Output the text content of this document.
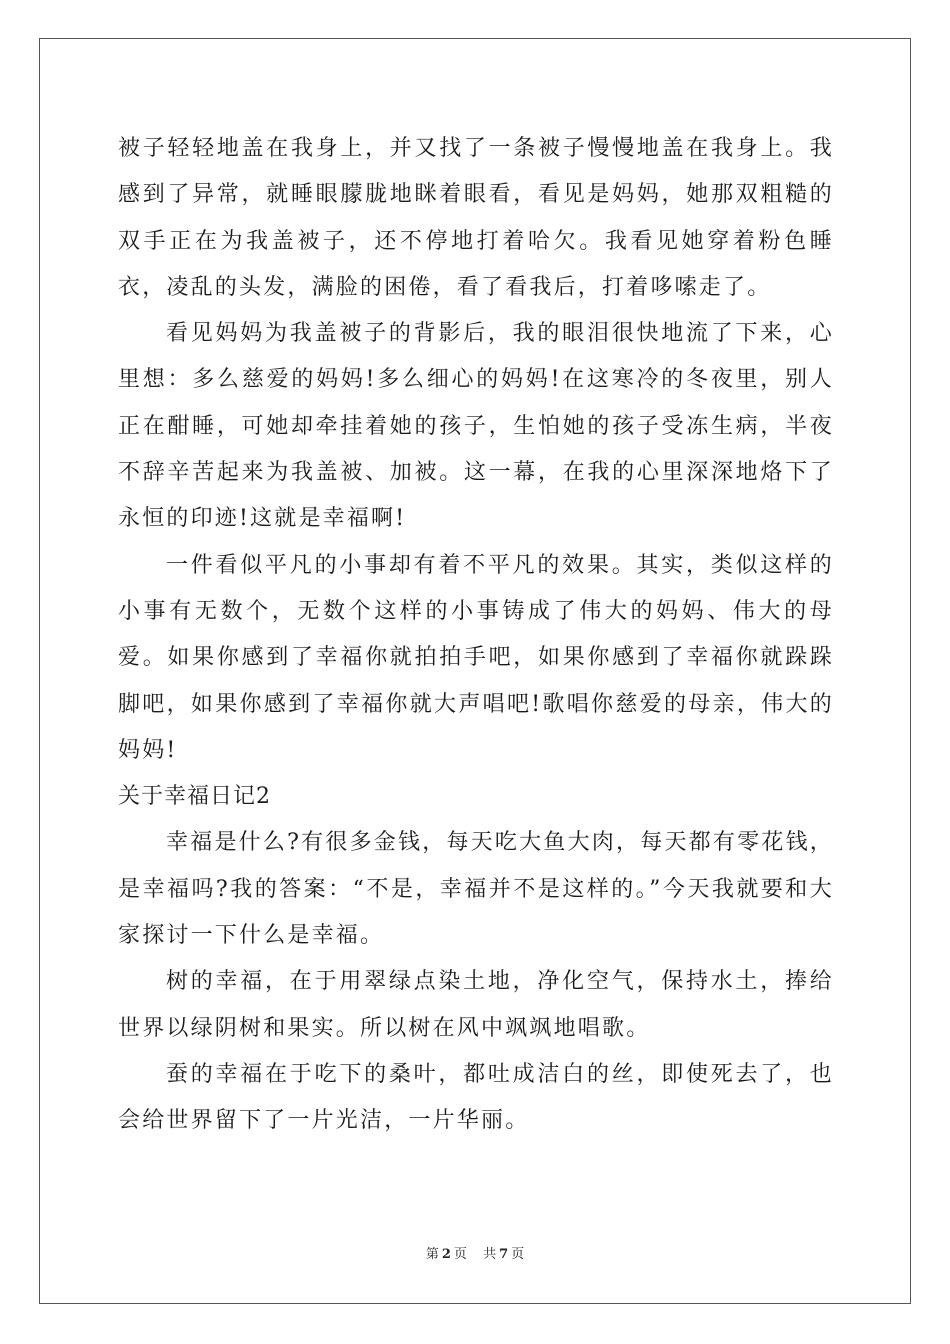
被子轻轻地盖在我身上，并又找了一条被子慢慢地盖在我身上。我感到了异常，就睡眼朦胧地眯着眼看，看见是妈妈，她那双粗糙的双手正在为我盖被子，还不停地打着哈欠。我看见她穿着粉色睡衣，凌乱的头发，满脸的困倦，看了看我后，打着哆嗦走了。

看见妈妈为我盖被子的背影后，我的眼泪很快地流了下来，心里想：多么慈爱的妈妈!多么细心的妈妈!在这寒冷的冬夜里，别人正在酣睡，可她却牵挂着她的孩子，生怕她的孩子受冻生病，半夜不辞辛苦起来为我盖被、加被。这一幕，在我的心里深深地烙下了永恒的印迹!这就是幸福啊!

一件看似平凡的小事却有着不平凡的效果。其实，类似这样的小事有无数个，无数个这样的小事铸成了伟大的妈妈、伟大的母爱。如果你感到了幸福你就拍拍手吧，如果你感到了幸福你就跺跺脚吧，如果你感到了幸福你就大声唱吧!歌唱你慈爱的母亲，伟大的妈妈!

关于幸福日记2

幸福是什么?有很多金钱，每天吃大鱼大肉，每天都有零花钱，是幸福吗?我的答案：“不是，幸福并不是这样的。”今天我就要和大家探讨一下什么是幸福。

树的幸福，在于用翠绿点染土地，净化空气，保持水土，捧给世界以绿阴树和果实。所以树在风中飒飒地唱歌。

蚕的幸福在于吃下的桑叶，都吐成洁白的丝，即使死去了，也会给世界留下了一片光洁，一片华丽。

第 2 页 共 7 页
